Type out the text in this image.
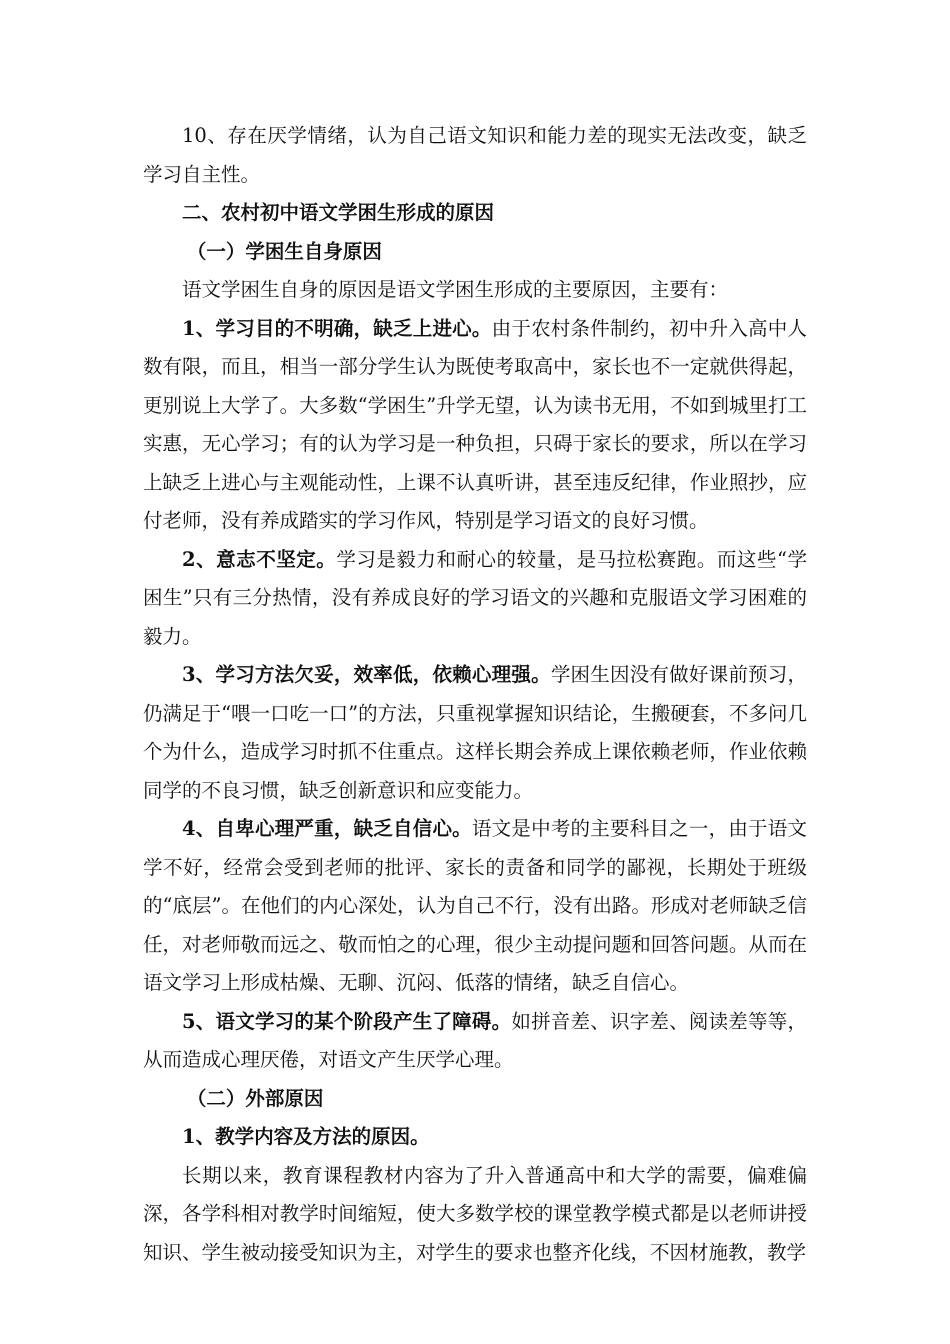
10、存在厌学情绪，认为自己语文知识和能力差的现实无法改变，缺乏学习自主性。

二、农村初中语文学困生形成的原因

（一）学困生自身原因

语文学困生自身的原因是语文学困生形成的主要原因，主要有：

1、学习目的不明确，缺乏上进心。由于农村条件制约，初中升入高中人数有限，而且，相当一部分学生认为既使考取高中，家长也不一定就供得起，更别说上大学了。大多数“学困生”升学无望，认为读书无用，不如到城里打工实惠，无心学习；有的认为学习是一种负担，只碍于家长的要求，所以在学习上缺乏上进心与主观能动性，上课不认真听讲，甚至违反纪律，作业照抄，应付老师，没有养成踏实的学习作风，特别是学习语文的良好习惯。

2、意志不坚定。学习是毅力和耐心的较量，是马拉松赛跑。而这些“学困生”只有三分热情，没有养成良好的学习语文的兴趣和克服语文学习困难的毅力。

3、学习方法欠妥，效率低，依赖心理强。学困生因没有做好课前预习，仍满足于“喂一口吃一口”的方法，只重视掌握知识结论，生搬硬套，不多问几个为什么，造成学习时抓不住重点。这样长期会养成上课依赖老师，作业依赖同学的不良习惯，缺乏创新意识和应变能力。

4、自卑心理严重，缺乏自信心。语文是中考的主要科目之一，由于语文学不好，经常会受到老师的批评、家长的责备和同学的鄙视，长期处于班级的“底层”。在他们的内心深处，认为自己不行，没有出路。形成对老师缺乏信任，对老师敬而远之、敬而怕之的心理，很少主动提问题和回答问题。从而在语文学习上形成枯燥、无聊、沉闷、低落的情绪，缺乏自信心。

5、语文学习的某个阶段产生了障碍。如拼音差、识字差、阅读差等等，从而造成心理厌倦，对语文产生厌学心理。

（二）外部原因

1、教学内容及方法的原因。

长期以来，教育课程教材内容为了升入普通高中和大学的需要，偏难偏深，各学科相对教学时间缩短，使大多数学校的课堂教学模式都是以老师讲授知识、学生被动接受知识为主，对学生的要求也整齐化线，不因材施教，教学
